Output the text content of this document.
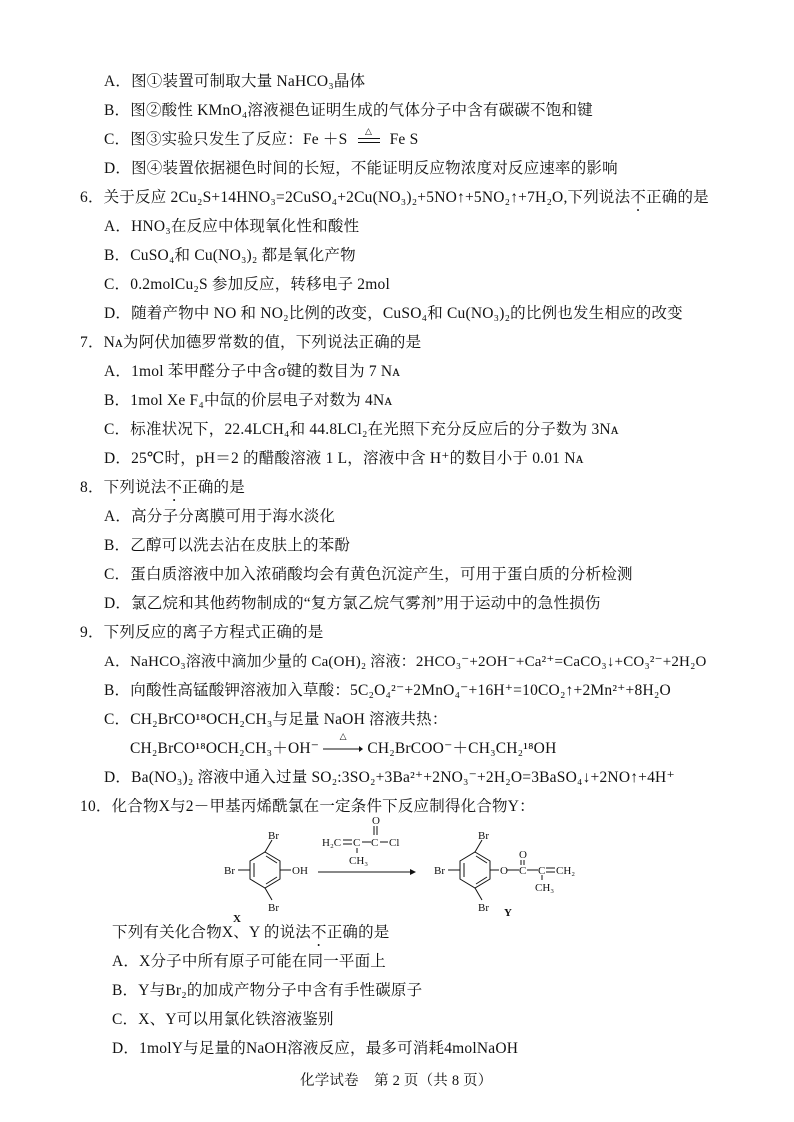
A．图①装置可制取大量 NaHCO₃晶体
B．图②酸性 KMnO₄溶液褪色证明生成的气体分子中含有碳碳不饱和键
C．图③实验只发生了反应：Fe ＋S	△	Fe S
D．图④装置依据褪色时间的长短，不能证明反应物浓度对反应速率的影响
6．关于反应 2Cu₂S+14HNO₃=2CuSO₄+2Cu(NO₃)₂+5NO↑+5NO₂↑+7H₂O,下列说法不正确的是
A．HNO₃在反应中体现氧化性和酸性
B．CuSO₄和 Cu(NO₃)₂ 都是氧化产物
C．0.2molCu₂S 参加反应，转移电子 2mol
D．随着产物中 NO 和 NO₂比例的改变，CuSO₄和 Cu(NO₃)₂的比例也发生相应的改变
7．Nᴀ为阿伏加德罗常数的值，下列说法正确的是
A．1mol 苯甲醛分子中含σ键的数目为 7 Nᴀ
B．1mol Xe F₄中氙的价层电子对数为 4Nᴀ
C．标准状况下，22.4LCH₄和 44.8LCl₂在光照下充分反应后的分子数为 3Nᴀ
D．25℃时，pH＝2 的醋酸溶液 1 L，溶液中含 H⁺的数目小于 0.01 Nᴀ
8．下列说法不正确的是
A．高分子分离膜可用于海水淡化
B．乙醇可以洗去沾在皮肤上的苯酚
C．蛋白质溶液中加入浓硝酸均会有黄色沉淀产生，可用于蛋白质的分析检测
D．氯乙烷和其他药物制成的“复方氯乙烷气雾剂”用于运动中的急性损伤
9．下列反应的离子方程式正确的是
A．NaHCO₃溶液中滴加少量的 Ca(OH)₂ 溶液：2HCO₃⁻+2OH⁻+Ca²⁺=CaCO₃↓+CO₃²⁻+2H₂O
B．向酸性高锰酸钾溶液加入草酸：5C₂O₄²⁻+2MnO₄⁻+16H⁺=10CO₂↑+2Mn²⁺+8H₂O
C．CH₂BrCO¹⁸OCH₂CH₃与足量 NaOH 溶液共热：
CH₂BrCO¹⁸OCH₂CH₃＋OH⁻
△
CH₂BrCOO⁻＋CH₃CH₂¹⁸OH
D．Ba(NO₃)₂ 溶液中通入过量 SO₂:3SO₂+3Ba²⁺+2NO₃⁻+2H₂O=3BaSO₄↓+2NO↑+4H⁺
10．化合物X与2－甲基丙烯酰氯在一定条件下反应制得化合物Y：
H₂C C C Cl
O
CH₃
Br
Br
Br
OH
X
Br
Br
Br
O C C CH₂
O
CH₃
Y
下列有关化合物X、Y 的说法不正确的是
A．X分子中所有原子可能在同一平面上
B．Y与Br₂的加成产物分子中含有手性碳原子
C．X、Y可以用氯化铁溶液鉴别
D．1molY与足量的NaOH溶液反应，最多可消耗4molNaOH
化学试卷    第 2 页（共 8 页）
